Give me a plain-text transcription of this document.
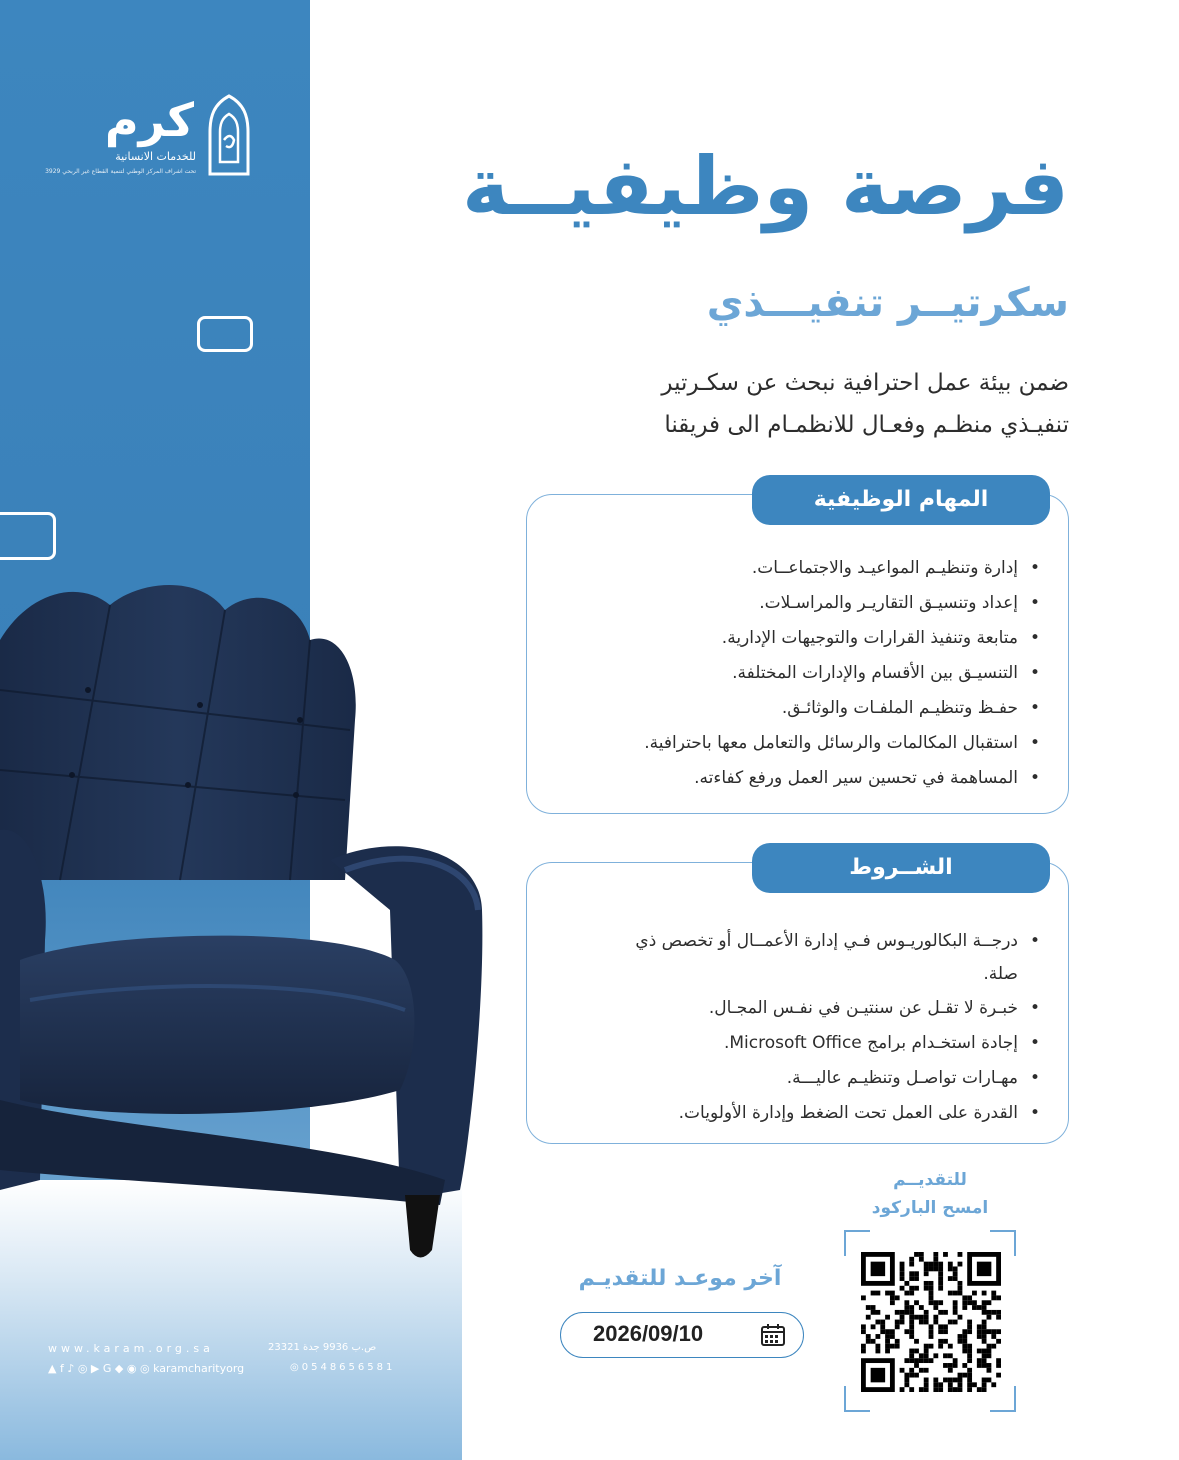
كرم
للخدمات الانسانية
تحت اشراف المركز الوطني لتنمية القطاع غير الربحي 3929
www.karam.org.sa	ص.ب 9936 جدة 23321
▲ f ♪ ◎ ▶ G ◆ ◉ ◎ karamcharityorg	◎0548656581
فرصة وظيفيــة
سكرتيــر تنفيـــذي
ضمن بيئة عمل احترافية نبحث عن سكـرتير
تنفيـذي منظـم وفعـال للانظمـام الى فريقنا
المهام الوظيفية
• إدارة وتنظيـم المواعيـد والاجتماعــات.
• إعداد وتنسيـق التقاريـر والمراسـلات.
• متابعة وتنفيذ القرارات والتوجيهات الإدارية.
• التنسيـق بين الأقسام والإدارات المختلفة.
• حفـظ وتنظيـم الملفـات والوثائـق.
• استقبال المكالمات والرسائل والتعامل معها باحترافية.
• المساهمة في تحسين سير العمل ورفع كفاءته.
الشــروط
• درجــة البكالوريـوس فـي إدارة الأعمــال أو تخصص ذي صلة.
• خبـرة لا تقـل عن سنتيـن في نفـس المجـال.
• إجادة استخـدام برامج Microsoft Office.
• مهـارات تواصـل وتنظيـم عاليـــة.
• القدرة على العمل تحت الضغط وإدارة الأولويات.
للتقديــم
امسح الباركود
آخر موعـد للتقديـم
2026/09/10
